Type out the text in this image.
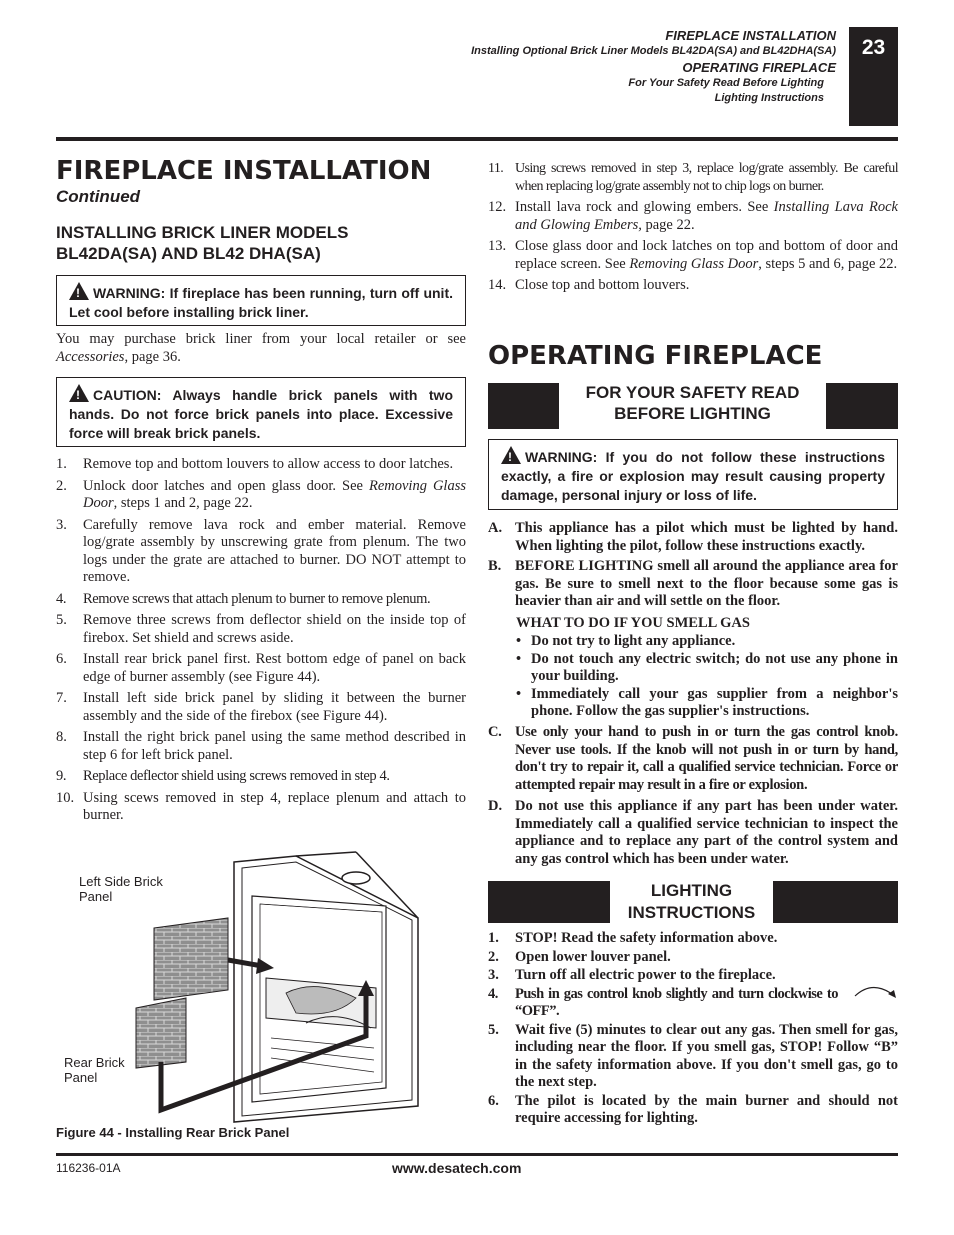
FIREPLACE INSTALLATION
Installing Optional Brick Liner Models BL42DA(SA) and BL42DHA(SA)
OPERATING FIREPLACE
For Your Safety Read Before Lighting
Lighting Instructions
23
FIREPLACE INSTALLATION
Continued
INSTALLING BRICK LINER MODELS
BL42DA(SA) AND BL42 DHA(SA)
!WARNING: If fireplace has been running, turn off unit. Let cool before installing brick liner.
You may purchase brick liner from your local retailer or see Accessories, page 36.
!CAUTION: Always handle brick panels with two hands. Do not force brick panels into place. Excessive force will break brick panels.
1. Remove top and bottom louvers to allow access to door latches.
2. Unlock door latches and open glass door. See Removing Glass Door, steps 1 and 2, page 22.
3. Carefully remove lava rock and ember material. Remove log/grate assembly by unscrewing grate from plenum. The two logs under the grate are attached to burner. DO NOT attempt to remove.
4. Remove screws that attach plenum to burner to remove plenum.
5. Remove three screws from deflector shield on the inside top of firebox. Set shield and screws aside.
6. Install rear brick panel first. Rest bottom edge of panel on back edge of burner assembly (see Figure 44).
7. Install left side brick panel by sliding it between the burner assembly and the side of the firebox (see Figure 44).
8. Install the right brick panel using the same method described in step 6 for left brick panel.
9. Replace deflector shield using screws removed in step 4.
10. Using scews removed in step 4, replace plenum and attach to burner.
Left Side Brick Panel
Rear Brick Panel
Figure 44 - Installing Rear Brick Panel
11. Using screws removed in step 3, replace log/grate assembly. Be careful when replacing log/grate assembly not to chip logs on burner.
12. Install lava rock and glowing embers. See Installing Lava Rock and Glowing Embers, page 22.
13. Close glass door and lock latches on top and bottom of door and replace screen. See Removing Glass Door, steps 5 and 6, page 22.
14. Close top and bottom louvers.
OPERATING FIREPLACE
FOR YOUR SAFETY READ BEFORE LIGHTING
!WARNING: If you do not follow these instructions exactly, a fire or explosion may result causing property damage, personal injury or loss of life.
A. This appliance has a pilot which must be lighted by hand. When lighting the pilot, follow these instructions exactly.
B. BEFORE LIGHTING smell all around the appliance area for gas. Be sure to smell next to the floor because some gas is heavier than air and will settle on the floor.
WHAT TO DO IF YOU SMELL GAS
• Do not try to light any appliance.
• Do not touch any electric switch; do not use any phone in your building.
• Immediately call your gas supplier from a neighbor's phone. Follow the gas supplier's instructions.
C. Use only your hand to push in or turn the gas control knob. Never use tools. If the knob will not push in or turn by hand, don't try to repair it, call a qualified service technician. Force or attempted repair may result in a fire or explosion.
D. Do not use this appliance if any part has been under water. Immediately call a qualified service technician to inspect the appliance and to replace any part of the control system and any gas control which has been under water.
LIGHTING INSTRUCTIONS
1. STOP! Read the safety information above.
2. Open lower louver panel.
3. Turn off all electric power to the fireplace.
4. Push in gas control knob slightly and turn clockwise to “OFF”.
5. Wait five (5) minutes to clear out any gas. Then smell for gas, including near the floor. If you smell gas, STOP! Follow “B” in the safety information above. If you don't smell gas, go to the next step.
6. The pilot is located by the main burner and should not require accessing for lighting.
116236-01A	www.desatech.com
